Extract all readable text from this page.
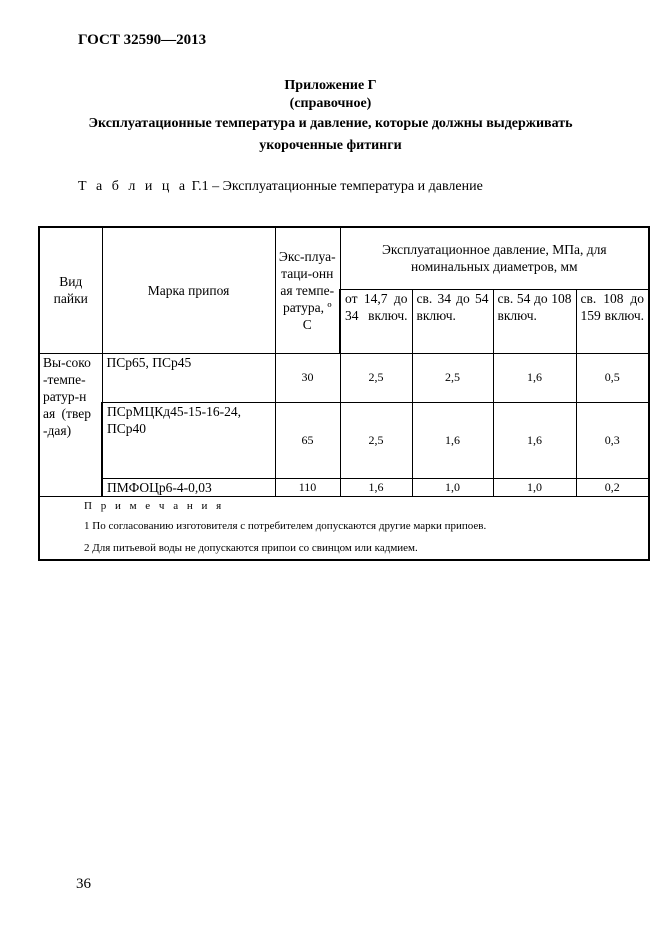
ГОСТ 32590—2013
Приложение Г
(справочное)
Эксплуатационные температура и давление, которые должны выдерживать
укороченные фитинги
Т а б л и ц а Г.1 – Эксплуатационные температура и давление
Вид пайки	Марка припоя	Экс-плуа-таци-онная темпе-ратура, ºС	Эксплуатационное давление, МПа, для номинальных диаметров, мм			
			от 14,7 до 34 включ.	св. 34 до 54 включ.	св. 54 до 108 включ.	св. 108 до 159 включ.
Вы-соко-темпе-ратур-ная (твер-дая)	ПСр65, ПСр45	30	2,5	2,5	1,6	0,5
	ПСрМЦКд45-15-16-24, ПСр40	65	2,5	1,6	1,6	0,3
	ПМФОЦр6-4-0,03	110	1,6	1,0	1,0	0,2

П р и м е ч а н и я
1 По согласованию изготовителя с потребителем допускаются другие марки припоев.
2 Для питьевой воды не допускаются припои со свинцом или кадмием.						
36
